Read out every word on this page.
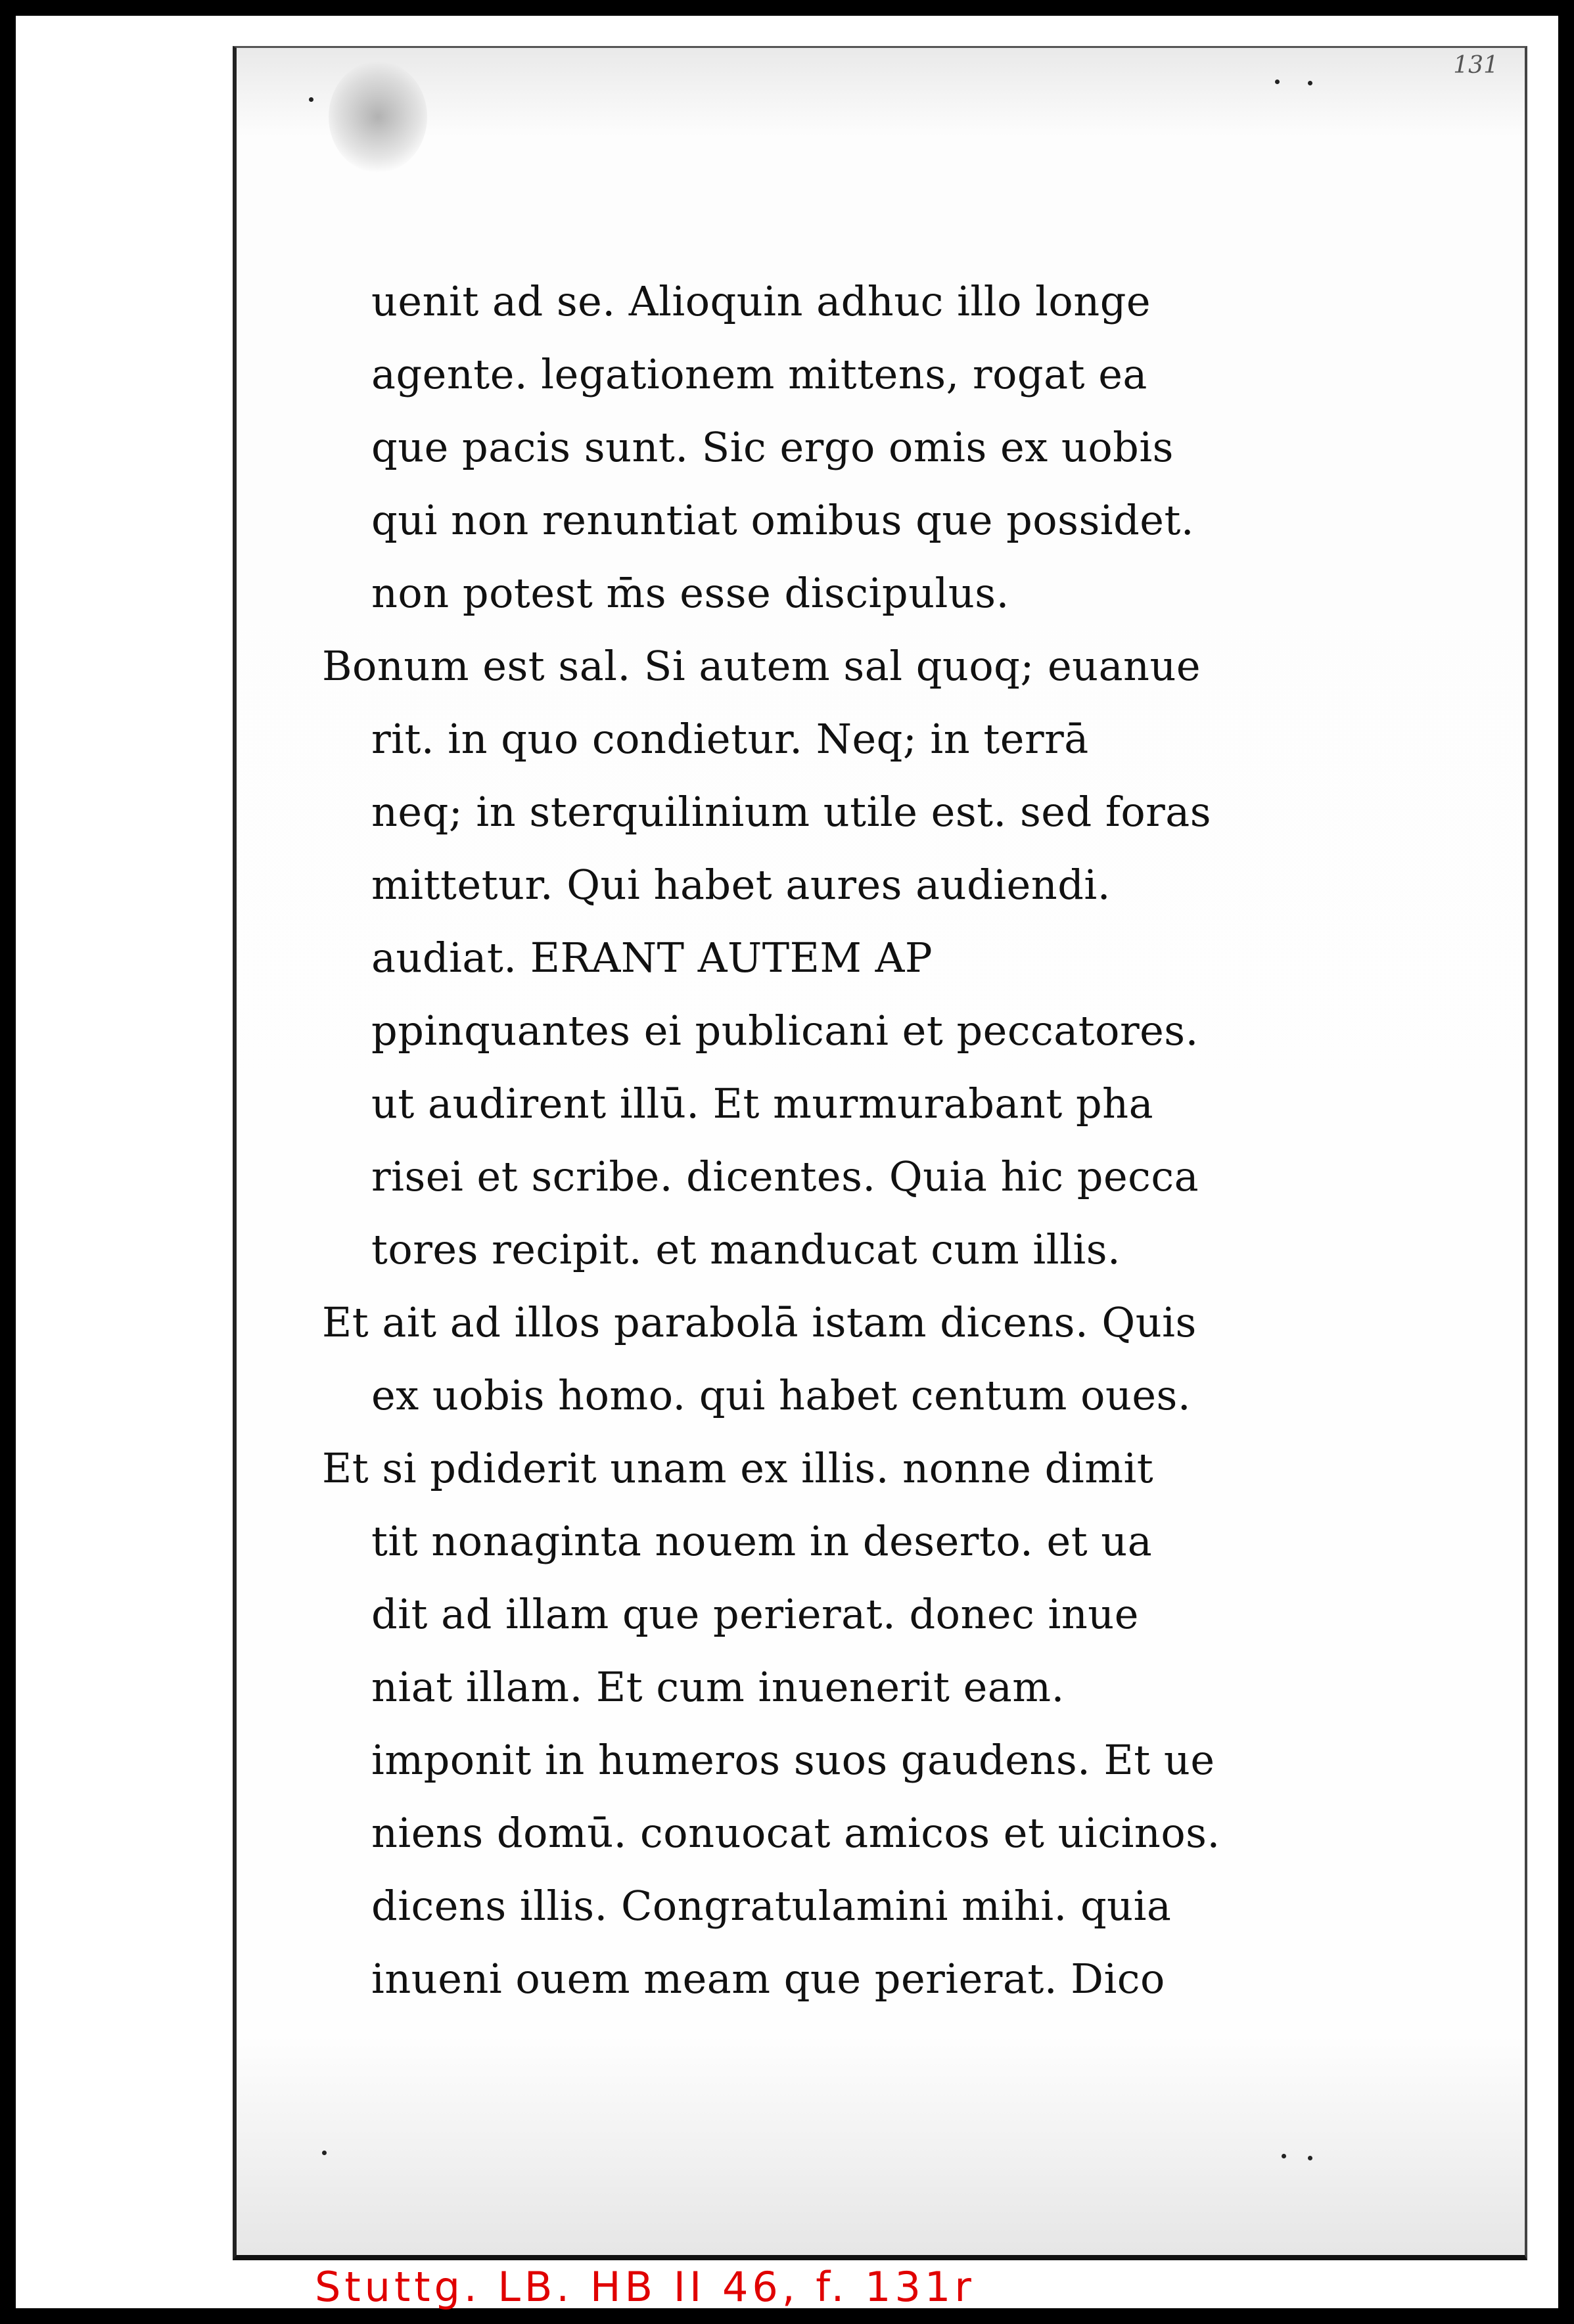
131
uenit ad se. Alioquin adhuc illo longe
agente. legationem mittens, rogat ea
que pacis sunt. Sic ergo omis ex uobis
qui non renuntiat omibus que possidet.
non potest m̄s esse discipulus.
Bonum est sal. Si autem sal quoq; euanue
rit. in quo condietur. Neq; in terrā
neq; in sterquilinium utile est. sed foras
mittetur. Qui habet aures audiendi.
audiat. ERANT AUTEM AP
ppinquantes ei publicani et peccatores.
ut audirent illū. Et murmurabant pha
risei et scribe. dicentes. Quia hic pecca
tores recipit. et manducat cum illis.
Et ait ad illos parabolā istam dicens. Quis
ex uobis homo. qui habet centum oues.
Et si pdiderit unam ex illis. nonne dimit
tit nonaginta nouem in deserto. et ua
dit ad illam que perierat. donec inue
niat illam. Et cum inuenerit eam.
imponit in humeros suos gaudens. Et ue
niens domū. conuocat amicos et uicinos.
dicens illis. Congratulamini mihi. quia
inueni ouem meam que perierat. Dico
Stuttg. LB. HB II 46, f. 131r
